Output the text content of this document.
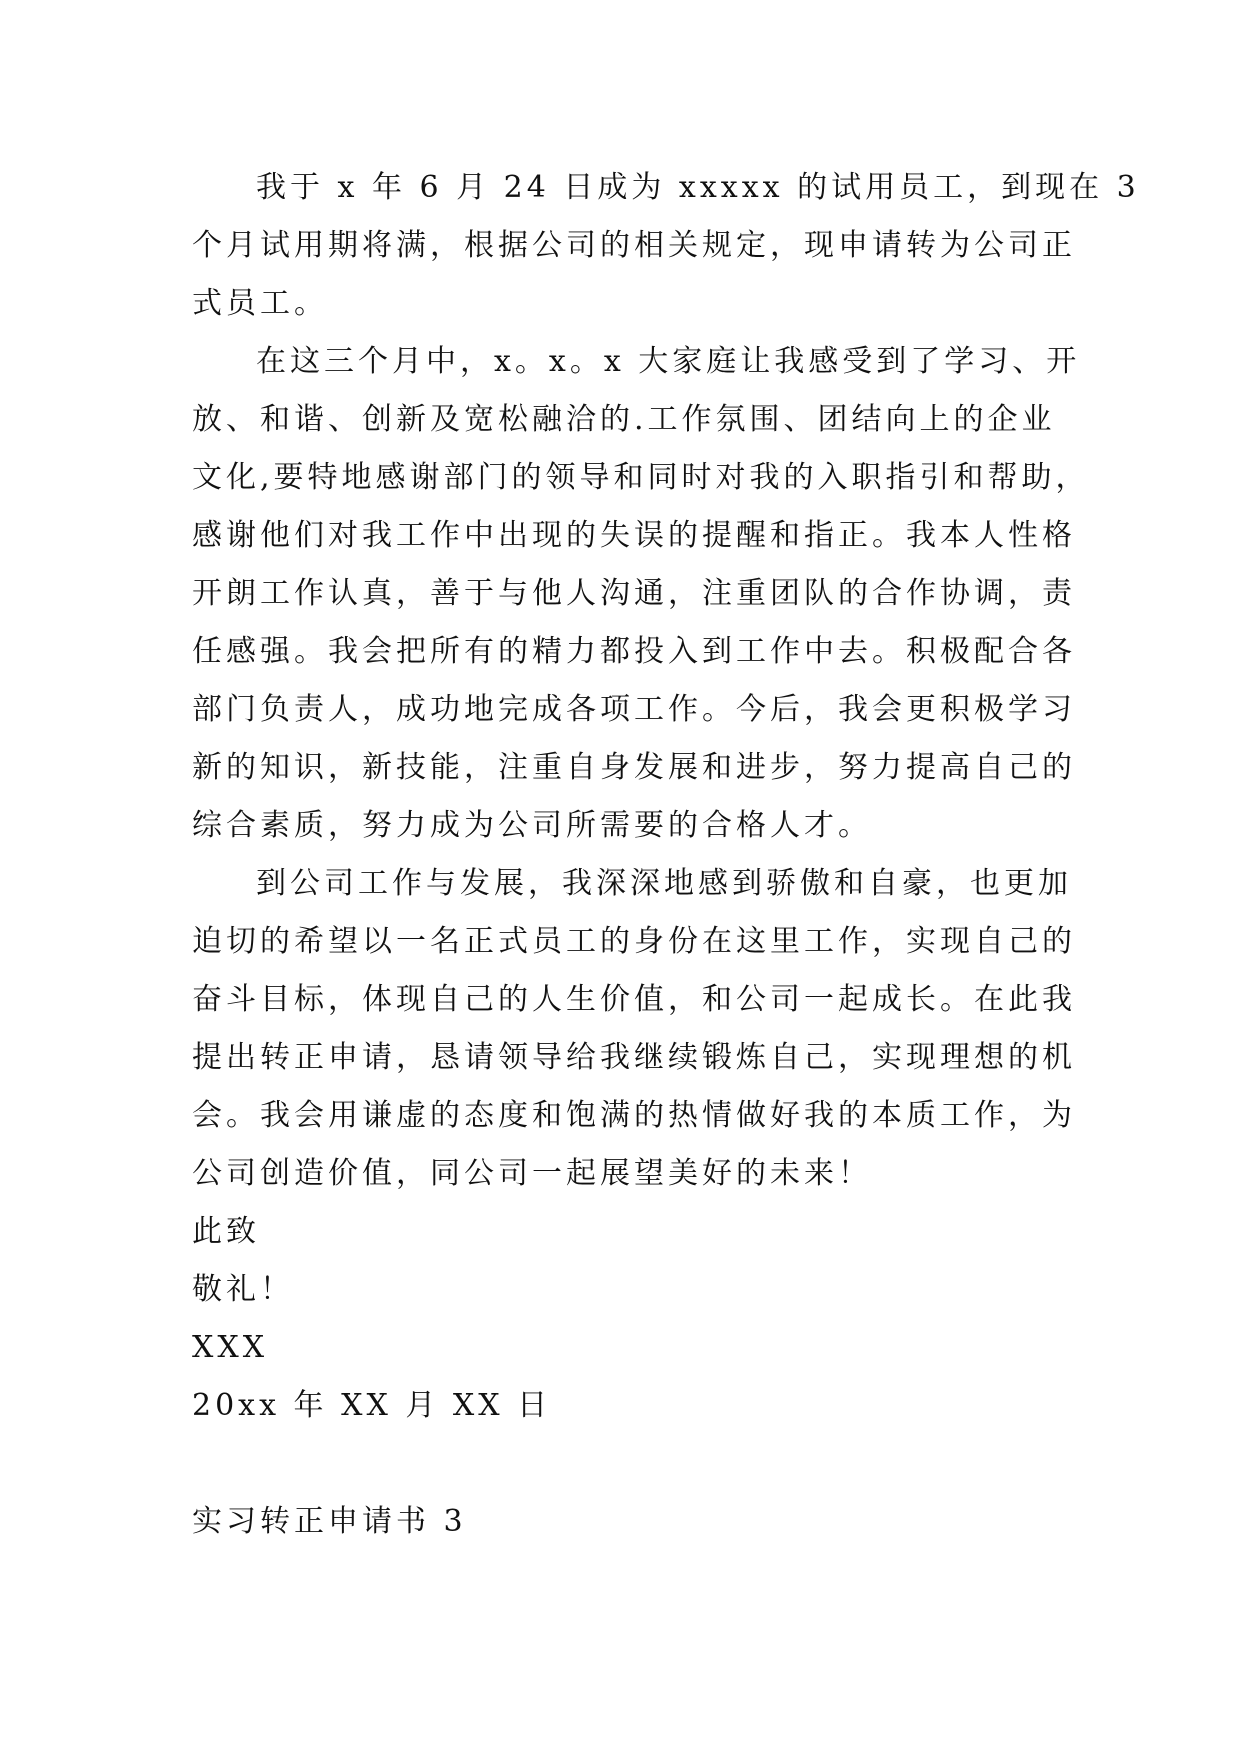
我于 x 年 6 月 24 日成为 xxxxx 的试用员工，到现在 3
个月试用期将满，根据公司的相关规定，现申请转为公司正
式员工。
在这三个月中，x。x。x 大家庭让我感受到了学习、开
放、和谐、创新及宽松融洽的.工作氛围、团结向上的企业
文化,要特地感谢部门的领导和同时对我的入职指引和帮助，
感谢他们对我工作中出现的失误的提醒和指正。我本人性格
开朗工作认真，善于与他人沟通，注重团队的合作协调，责
任感强。我会把所有的精力都投入到工作中去。积极配合各
部门负责人，成功地完成各项工作。今后，我会更积极学习
新的知识，新技能，注重自身发展和进步，努力提高自己的
综合素质，努力成为公司所需要的合格人才。
到公司工作与发展，我深深地感到骄傲和自豪，也更加
迫切的希望以一名正式员工的身份在这里工作，实现自己的
奋斗目标，体现自己的人生价值，和公司一起成长。在此我
提出转正申请，恳请领导给我继续锻炼自己，实现理想的机
会。我会用谦虚的态度和饱满的热情做好我的本质工作，为
公司创造价值，同公司一起展望美好的未来！
此致
敬礼！
XXX
20xx 年 XX 月 XX 日
实习转正申请书 3
